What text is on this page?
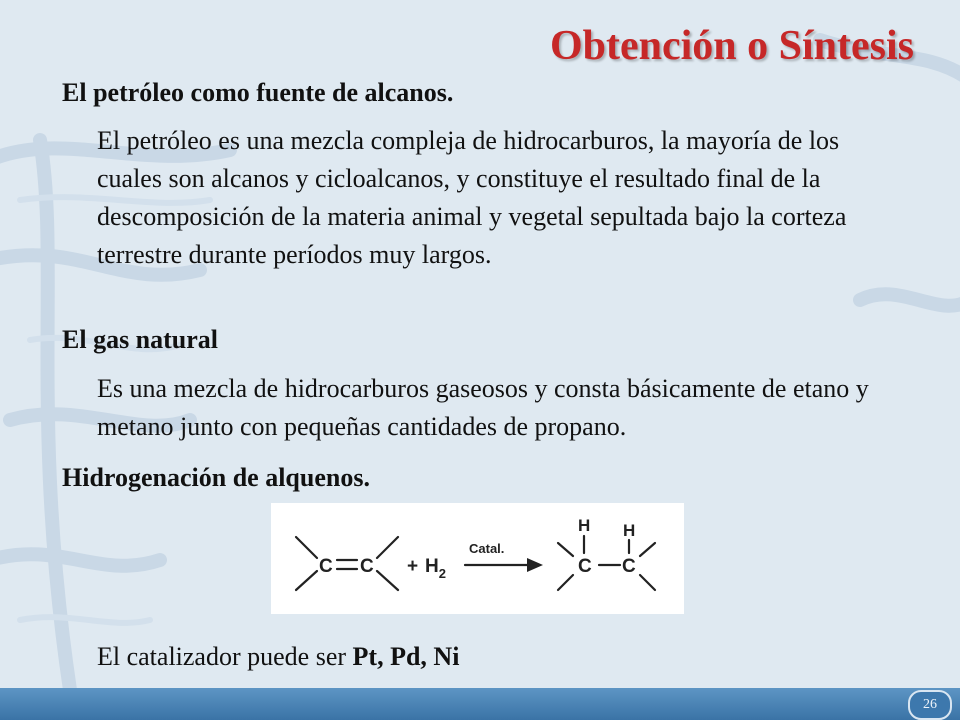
Obtención o Síntesis
El petróleo como fuente de alcanos.
El petróleo es una mezcla compleja de hidrocarburos, la mayoría de los cuales son alcanos y cicloalcanos, y constituye el resultado final de la descomposición de la materia animal y vegetal sepultada bajo la corteza terrestre durante períodos muy largos.
El gas natural
Es una mezcla de hidrocarburos gaseosos y consta básicamente de etano y metano junto con pequeñas cantidades de propano.
Hidrogenación de alquenos.
C $C + H_2$
Catal.
H H
C C
El catalizador puede ser Pt, Pd, Ni
26
